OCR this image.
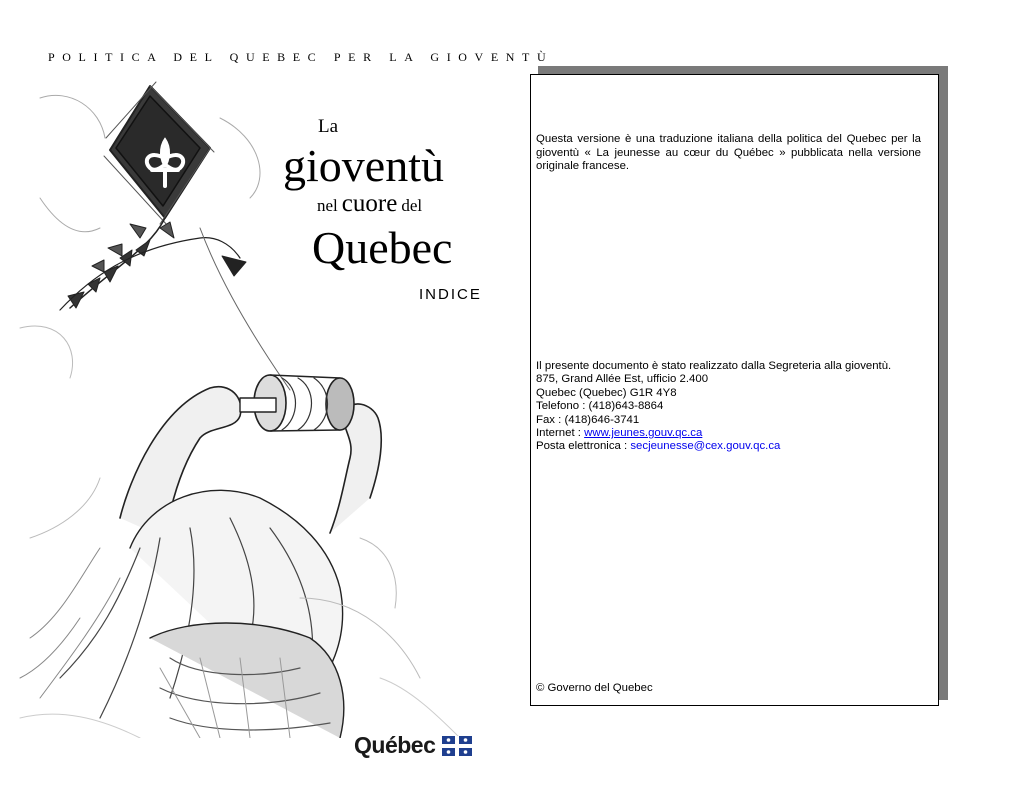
POLITICA DEL QUEBEC PER LA GIOVENTÙ
La
gioventù
nel cuore del
Quebec
INDICE
Questa versione è una traduzione italiana della politica del Quebec per la gioventù « La jeunesse au cœur du Québec » pubblicata nella versione originale francese.
Il presente documento è stato realizzato dalla Segreteria alla gioventù.
875, Grand Allée Est, ufficio 2.400
Quebec (Quebec) G1R 4Y8
Telefono : (418)643-8864
Fax : (418)646-3741
Internet : www.jeunes.gouv.qc.ca
Posta elettronica : secjeunesse@cex.gouv.qc.ca
© Governo del Quebec
Québec
